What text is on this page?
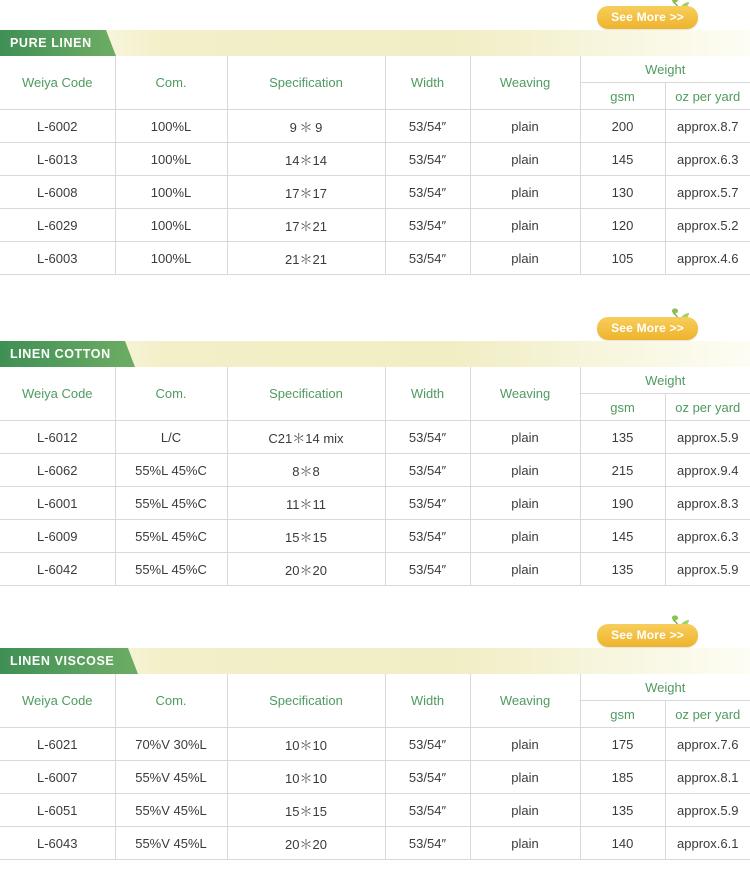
See More >>
PURE LINEN
Weiya Code	Com.	Specification	Width	Weaving	Weight	
					gsm	oz per yard
L-6002	100%L	9 ＊ 9	53/54″	plain	200	approx.8.7
L-6013	100%L	14＊14	53/54″	plain	145	approx.6.3
L-6008	100%L	17＊17	53/54″	plain	130	approx.5.7
L-6029	100%L	17＊21	53/54″	plain	120	approx.5.2
L-6003	100%L	21＊21	53/54″	plain	105	approx.4.6
See More >>
LINEN COTTON
Weiya Code	Com.	Specification	Width	Weaving	Weight	
					gsm	oz per yard
L-6012	L/C	C21＊14 mix	53/54″	plain	135	approx.5.9
L-6062	55%L 45%C	8＊8	53/54″	plain	215	approx.9.4
L-6001	55%L 45%C	11＊11	53/54″	plain	190	approx.8.3
L-6009	55%L 45%C	15＊15	53/54″	plain	145	approx.6.3
L-6042	55%L 45%C	20＊20	53/54″	plain	135	approx.5.9
See More >>
LINEN VISCOSE
Weiya Code	Com.	Specification	Width	Weaving	Weight	
					gsm	oz per yard
L-6021	70%V 30%L	10＊10	53/54″	plain	175	approx.7.6
L-6007	55%V 45%L	10＊10	53/54″	plain	185	approx.8.1
L-6051	55%V 45%L	15＊15	53/54″	plain	135	approx.5.9
L-6043	55%V 45%L	20＊20	53/54″	plain	140	approx.6.1
